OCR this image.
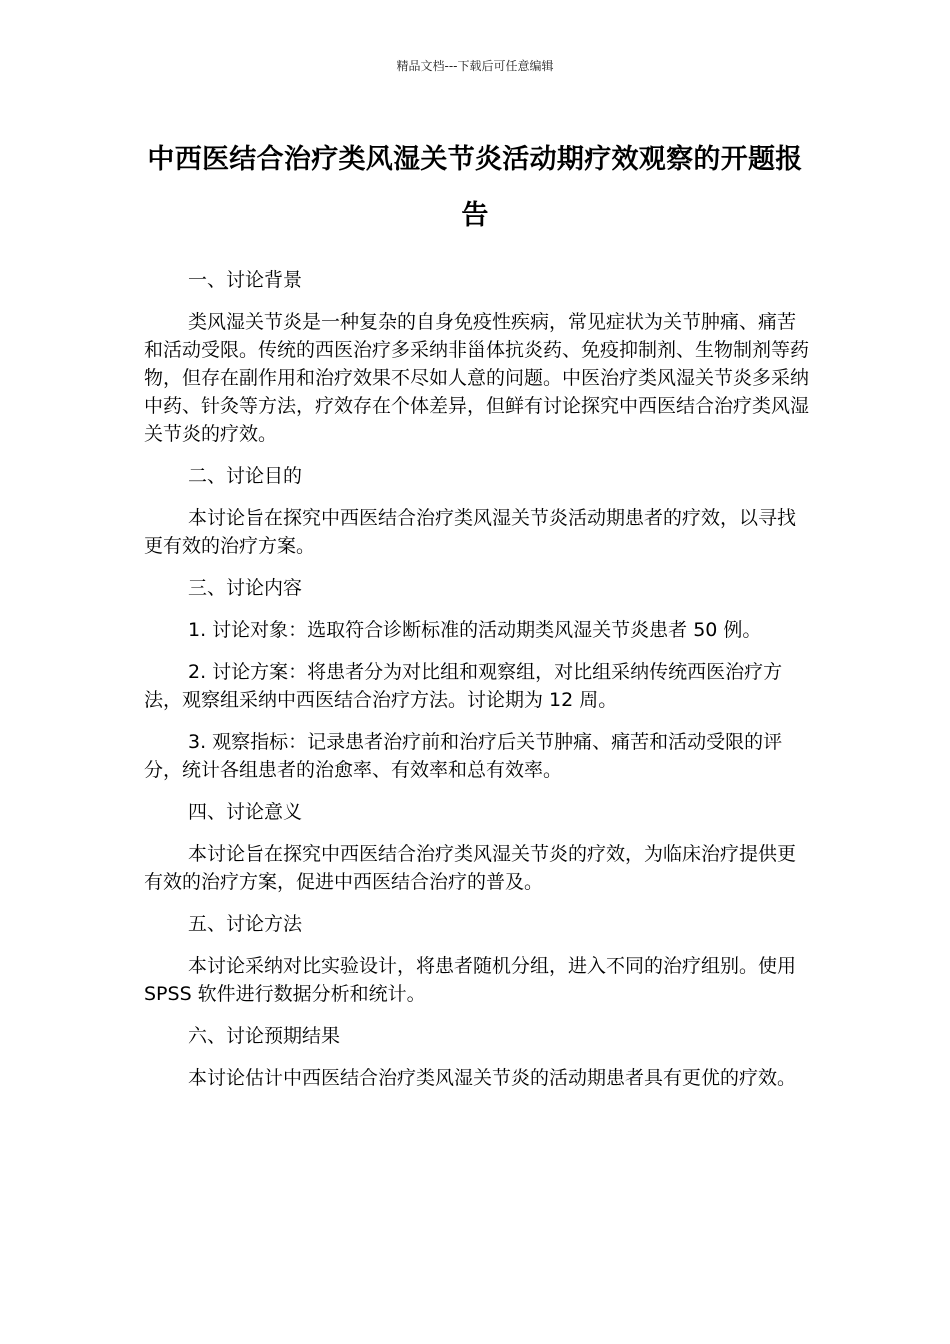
精品文档---下载后可任意编辑
中西医结合治疗类风湿关节炎活动期疗效观察的开题报告

一、讨论背景

类风湿关节炎是一种复杂的自身免疫性疾病，常见症状为关节肿痛、痛苦和活动受限。传统的西医治疗多采纳非甾体抗炎药、免疫抑制剂、生物制剂等药物，但存在副作用和治疗效果不尽如人意的问题。中医治疗类风湿关节炎多采纳中药、针灸等方法，疗效存在个体差异，但鲜有讨论探究中西医结合治疗类风湿关节炎的疗效。

二、讨论目的

本讨论旨在探究中西医结合治疗类风湿关节炎活动期患者的疗效，以寻找更有效的治疗方案。

三、讨论内容

1. 讨论对象：选取符合诊断标准的活动期类风湿关节炎患者 50 例。

2. 讨论方案：将患者分为对比组和观察组，对比组采纳传统西医治疗方法，观察组采纳中西医结合治疗方法。讨论期为 12 周。

3. 观察指标：记录患者治疗前和治疗后关节肿痛、痛苦和活动受限的评分，统计各组患者的治愈率、有效率和总有效率。

四、讨论意义

本讨论旨在探究中西医结合治疗类风湿关节炎的疗效，为临床治疗提供更有效的治疗方案，促进中西医结合治疗的普及。

五、讨论方法

本讨论采纳对比实验设计，将患者随机分组，进入不同的治疗组别。使用 SPSS 软件进行数据分析和统计。

六、讨论预期结果

本讨论估计中西医结合治疗类风湿关节炎的活动期患者具有更优的疗效。
